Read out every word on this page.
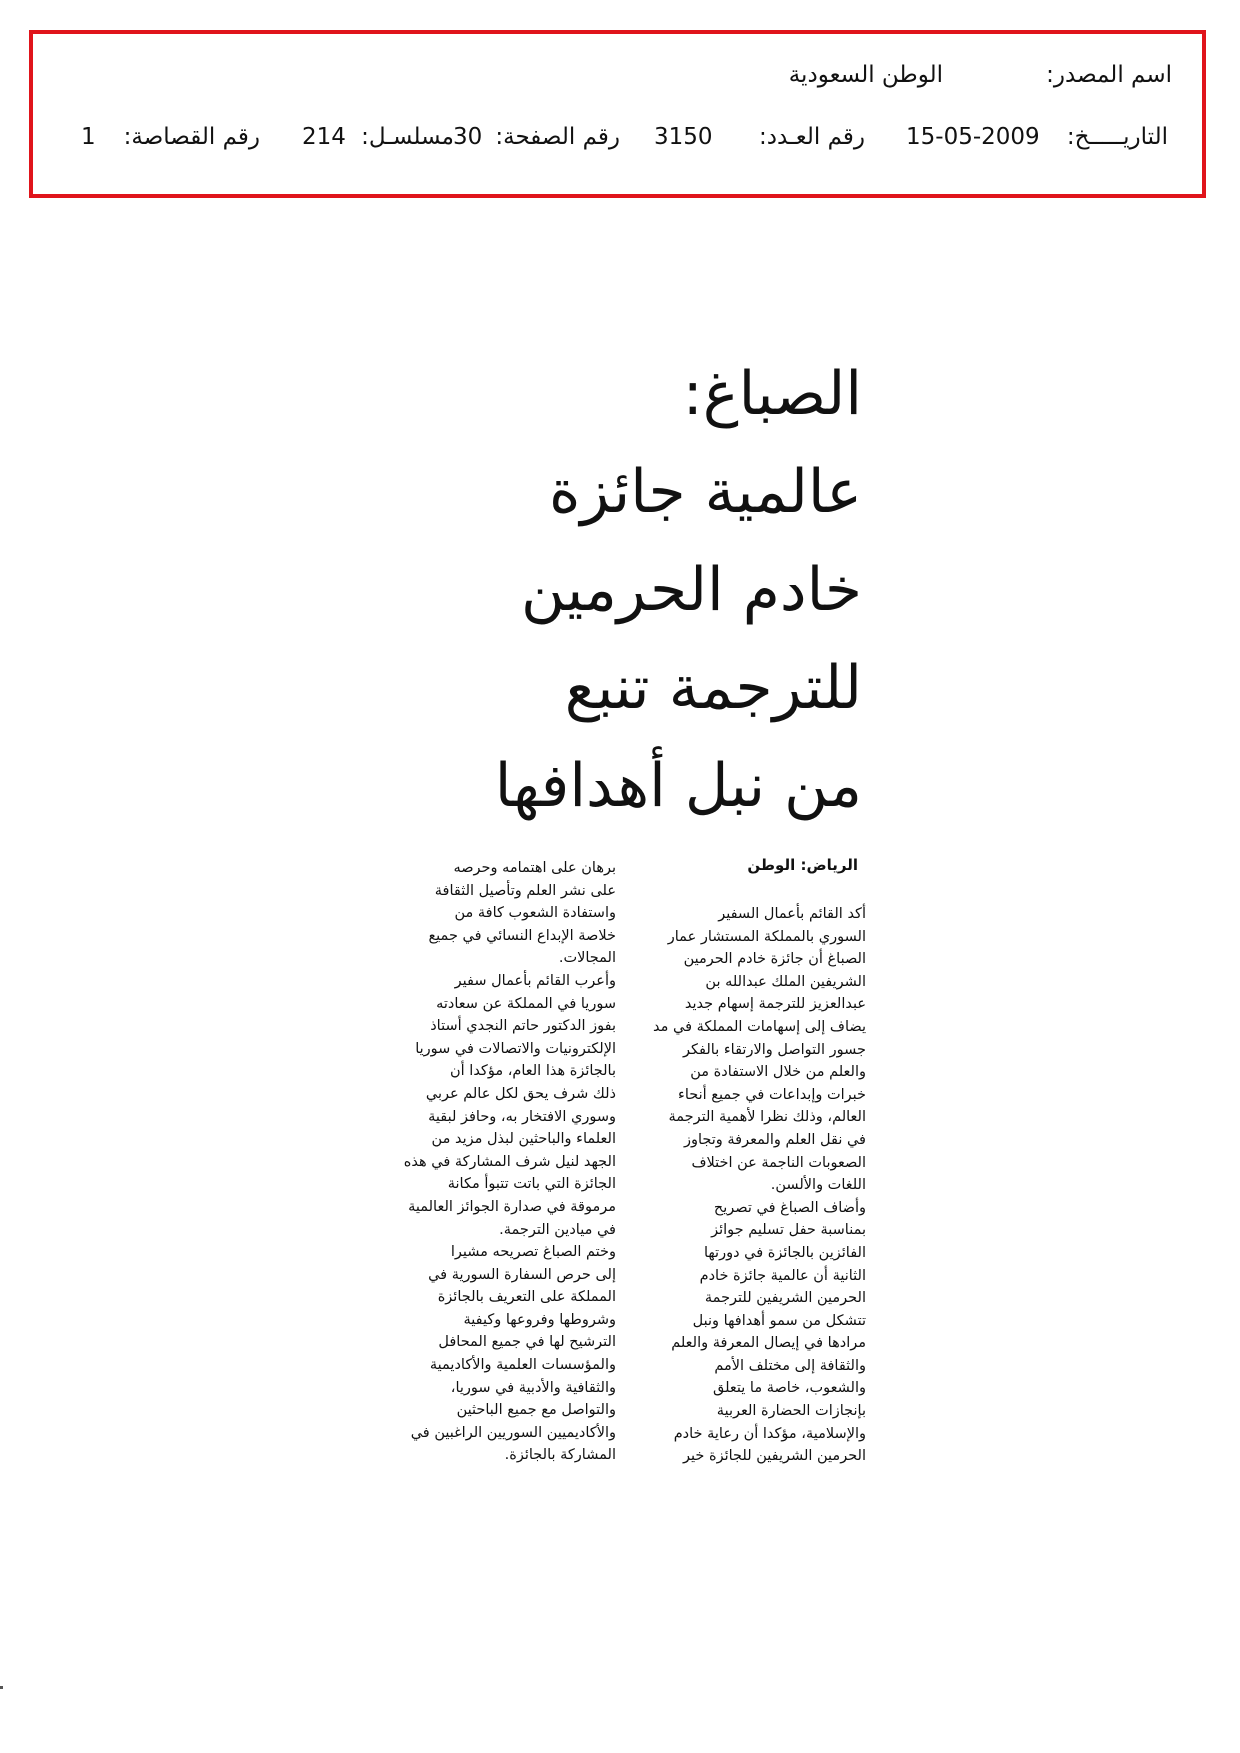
اسم المصدر:
الوطن السعودية
التاريـــــخ:
15-05-2009
رقم العـدد:
3150
رقم الصفحة:
30
مسلسـل:
214
رقم القصاصة:
1
الصباغ:
عالمية جائزة
خادم الحرمين
للترجمة تنبع
من نبل أهدافها
الرياض: الوطن
أكد القائم بأعمال السفير
السوري بالمملكة المستشار عمار
الصباغ أن جائزة خادم الحرمين
الشريفين الملك عبدالله بن
عبدالعزيز للترجمة إسهام جديد
يضاف إلى إسهامات المملكة في مد
جسور التواصل والارتقاء بالفكر
والعلم من خلال الاستفادة من
خبرات وإبداعات في جميع أنحاء
العالم، وذلك نظرا لأهمية الترجمة
في نقل العلم والمعرفة وتجاوز
الصعوبات الناجمة عن اختلاف
اللغات والألسن.
وأضاف الصباغ في تصريح
بمناسبة حفل تسليم جوائز
الفائزين بالجائزة في دورتها
الثانية أن عالمية جائزة خادم
الحرمين الشريفين للترجمة
تتشكل من سمو أهدافها ونبل
مرادها في إيصال المعرفة والعلم
والثقافة إلى مختلف الأمم
والشعوب، خاصة ما يتعلق
بإنجازات الحضارة العربية
والإسلامية، مؤكدا أن رعاية خادم
الحرمين الشريفين للجائزة خير
برهان على اهتمامه وحرصه
على نشر العلم وتأصيل الثقافة
واستفادة الشعوب كافة من
خلاصة الإبداع النسائي في جميع
المجالات.
وأعرب القائم بأعمال سفير
سوريا في المملكة عن سعادته
بفوز الدكتور حاتم النجدي أستاذ
الإلكترونيات والاتصالات في سوريا
بالجائزة هذا العام، مؤكدا أن
ذلك شرف يحق لكل عالم عربي
وسوري الافتخار به، وحافز لبقية
العلماء والباحثين لبذل مزيد من
الجهد لنيل شرف المشاركة في هذه
الجائزة التي باتت تتبوأ مكانة
مرموقة في صدارة الجوائز العالمية
في ميادين الترجمة.
وختم الصباغ تصريحه مشيرا
إلى حرص السفارة السورية في
المملكة على التعريف بالجائزة
وشروطها وفروعها وكيفية
الترشيح لها في جميع المحافل
والمؤسسات العلمية والأكاديمية
والثقافية والأدبية في سوريا،
والتواصل مع جميع الباحثين
والأكاديميين السوريين الراغبين في
المشاركة بالجائزة.
